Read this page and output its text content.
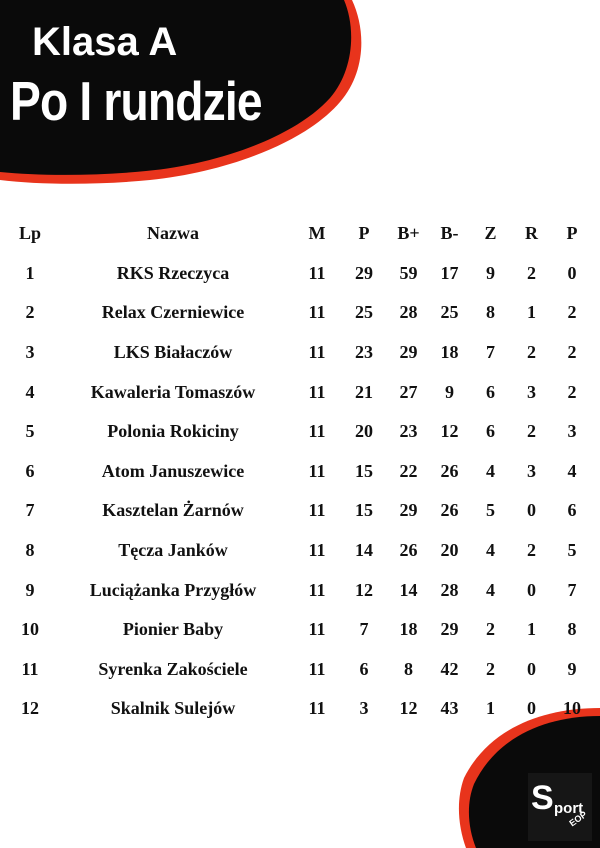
Klasa A
Po I rundzie
Lp	Nazwa	M	P	B+	B-	Z	R	P
1	RKS Rzeczyca	11	29	59	17	9	2	0
2	Relax Czerniewice	11	25	28	25	8	1	2
3	LKS Białaczów	11	23	29	18	7	2	2
4	Kawaleria Tomaszów	11	21	27	9	6	3	2
5	Polonia Rokiciny	11	20	23	12	6	2	3
6	Atom Januszewice	11	15	22	26	4	3	4
7	Kasztelan Żarnów	11	15	29	26	5	0	6
8	Tęcza Janków	11	14	26	20	4	2	5
9	Luciążanka Przygłów	11	12	14	28	4	0	7
10	Pionier Baby	11	7	18	29	2	1	8
11	Syrenka Zakościele	11	6	8	42	2	0	9
12	Skalnik Sulejów	11	3	12	43	1	0	10
S port
EOP
